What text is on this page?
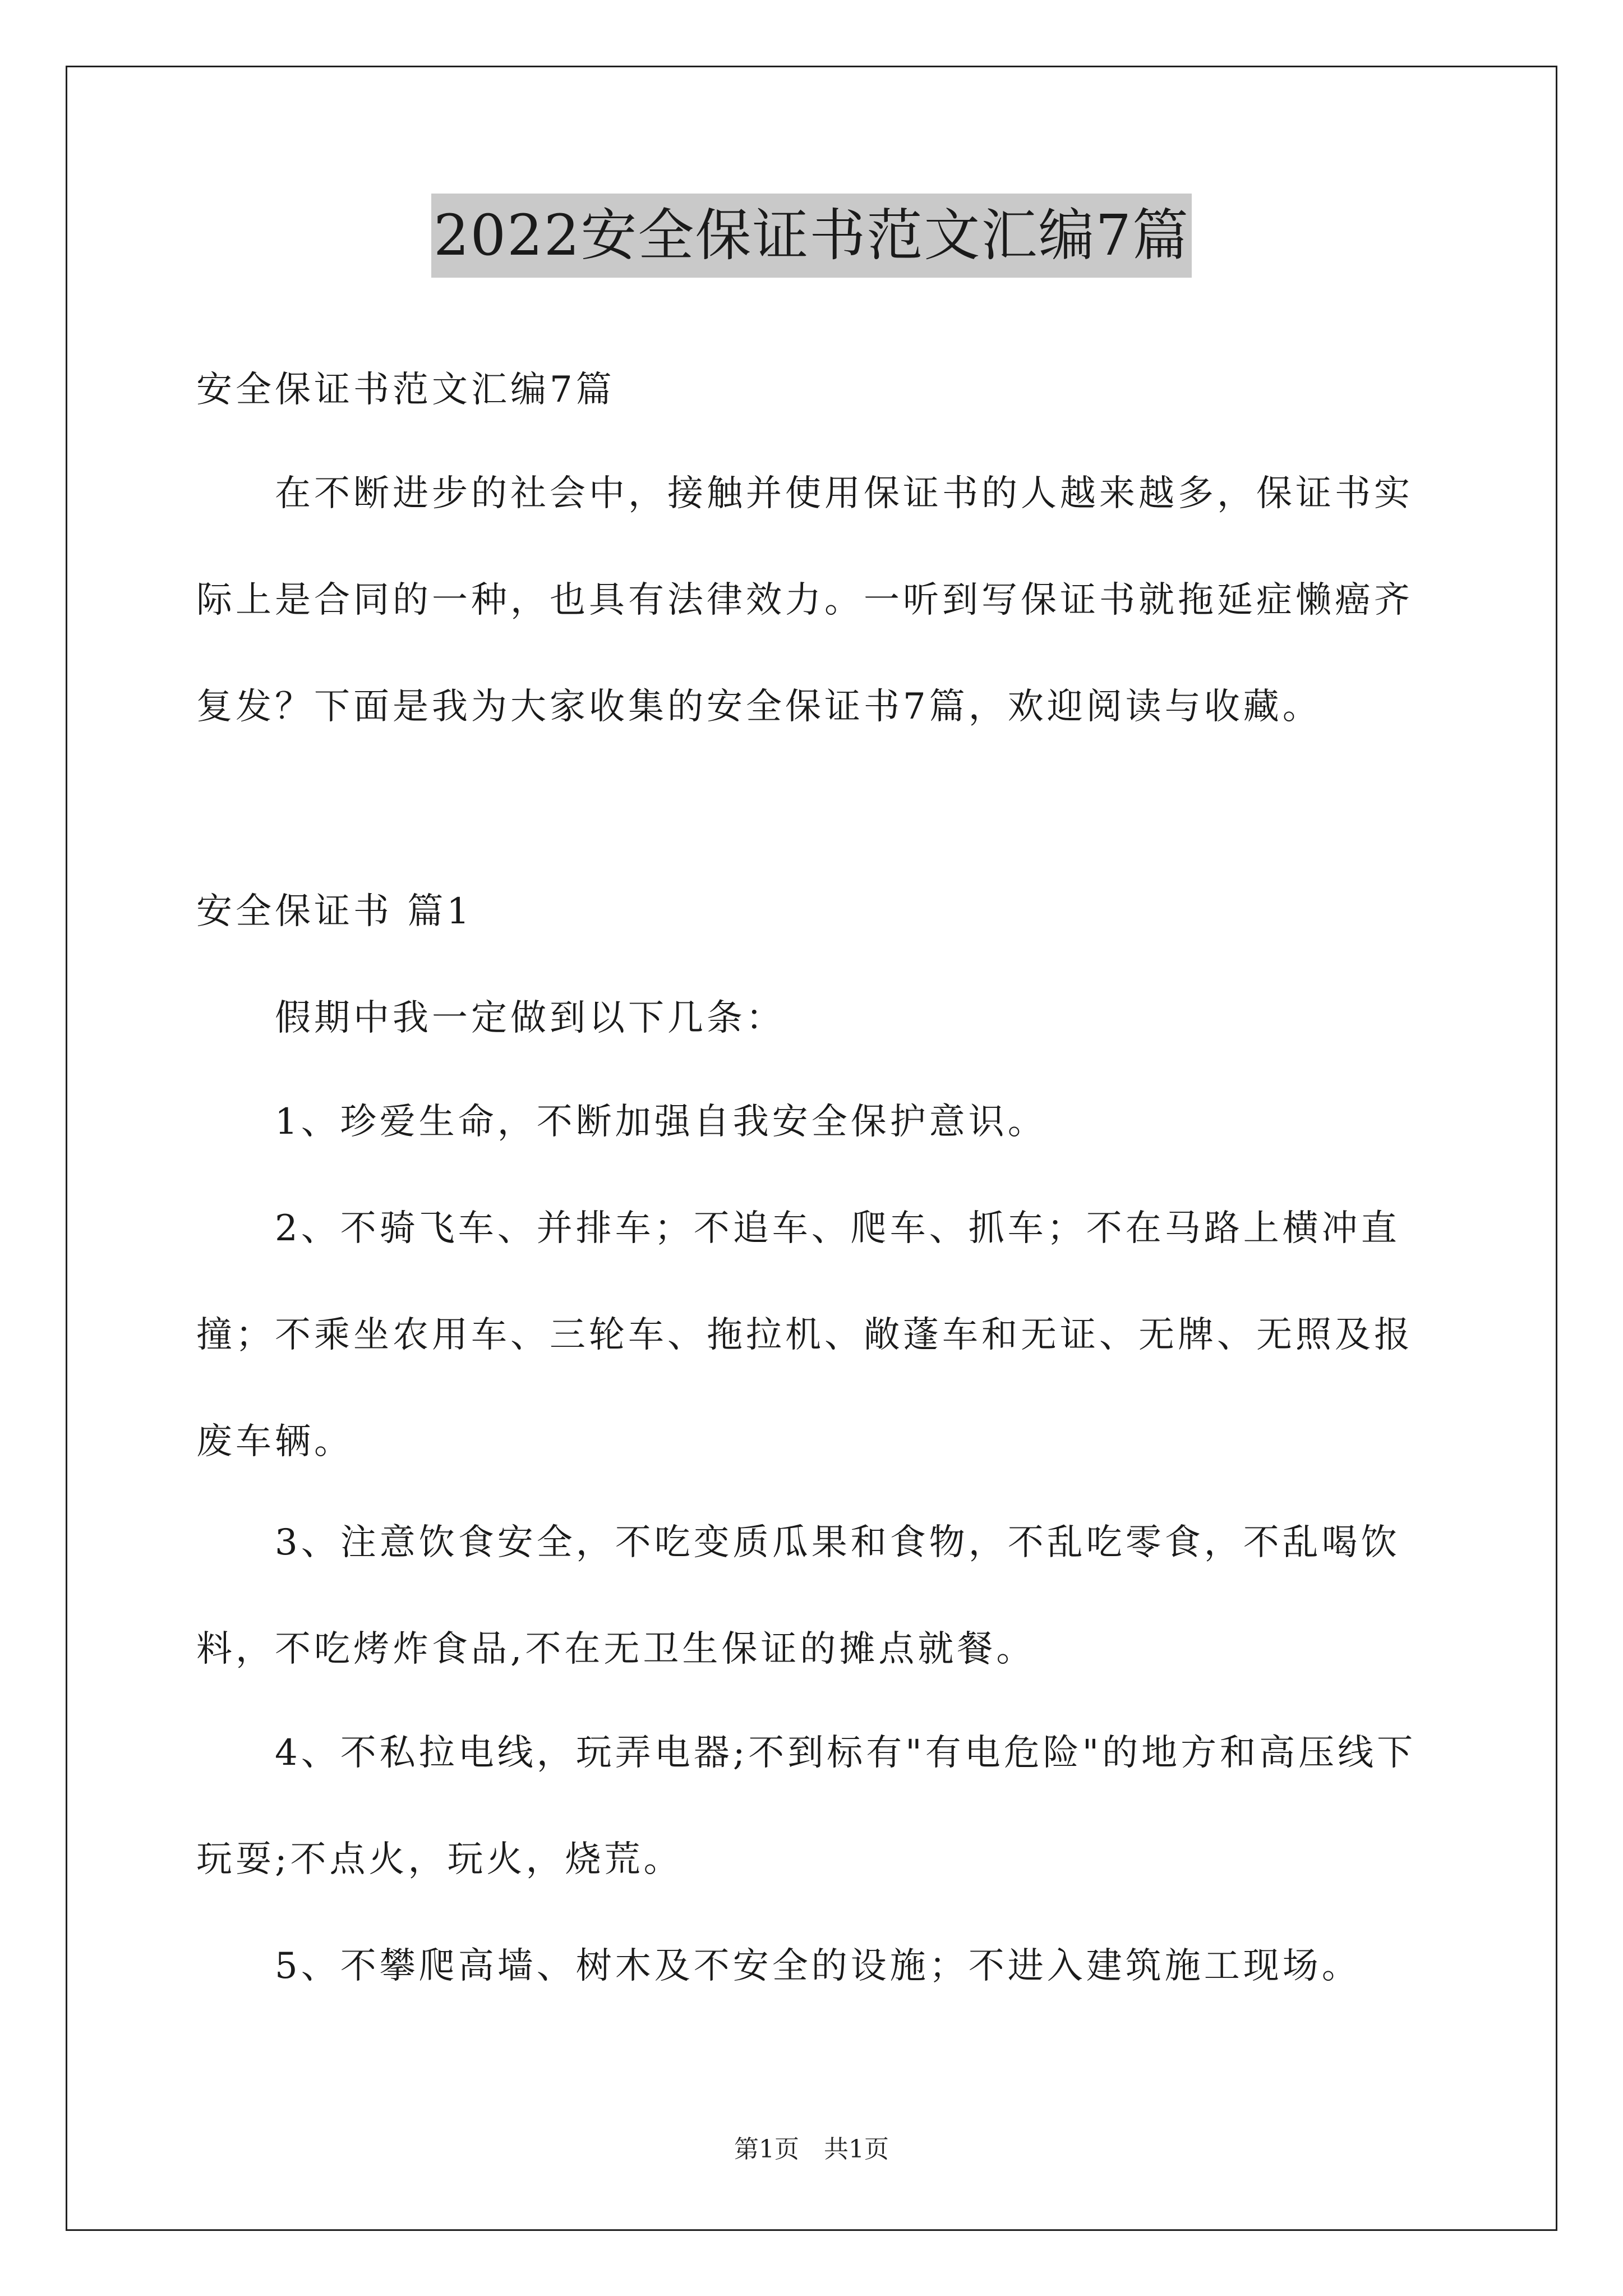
2022安全保证书范文汇编7篇
安全保证书范文汇编7篇
在不断进步的社会中，接触并使用保证书的人越来越多，保证书实际上是合同的一种，也具有法律效力。一听到写保证书就拖延症懒癌齐复发？下面是我为大家收集的安全保证书7篇，欢迎阅读与收藏。
安全保证书 篇1
假期中我一定做到以下几条：
1、珍爱生命，不断加强自我安全保护意识。
2、不骑飞车、并排车；不追车、爬车、抓车；不在马路上横冲直撞；不乘坐农用车、三轮车、拖拉机、敞蓬车和无证、无牌、无照及报废车辆。
3、注意饮食安全，不吃变质瓜果和食物，不乱吃零食，不乱喝饮料，不吃烤炸食品,不在无卫生保证的摊点就餐。
4、不私拉电线，玩弄电器;不到标有"有电危险"的地方和高压线下玩耍;不点火，玩火，烧荒。
5、不攀爬高墙、树木及不安全的设施；不进入建筑施工现场。
第1页　共1页
